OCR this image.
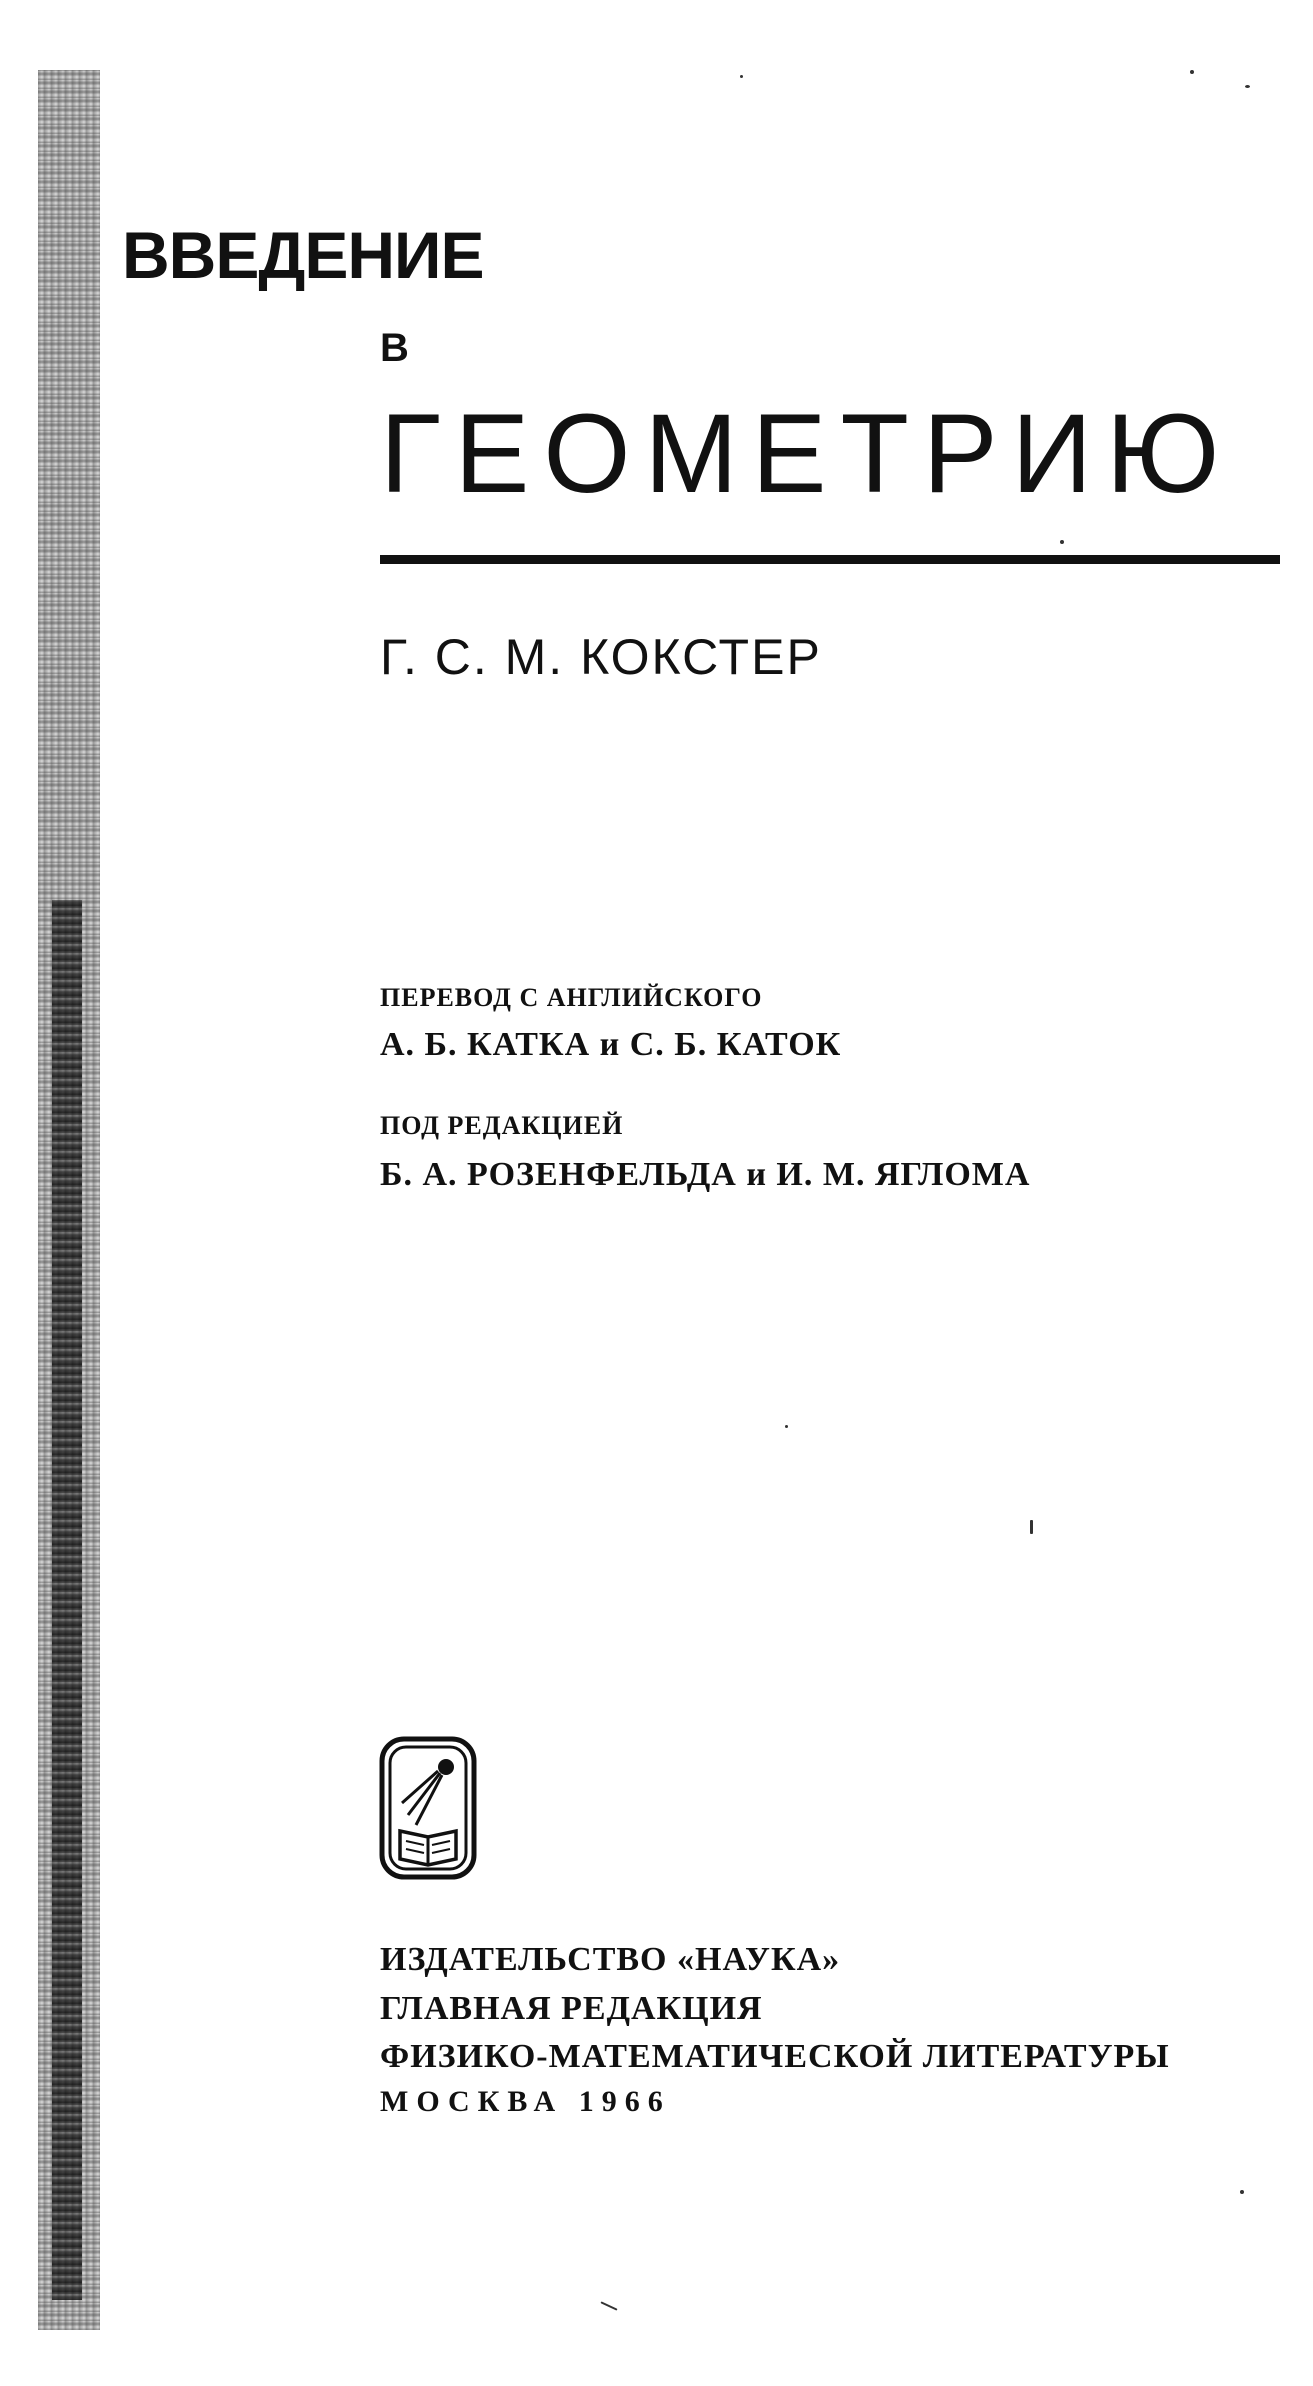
ВВЕДЕНИЕ
В
ГЕОМЕТРИЮ
Г. С. М. КОКСТЕР
ПЕРЕВОД С АНГЛИЙСКОГО
А. Б. КАТКА и С. Б. КАТОК
ПОД РЕДАКЦИЕЙ
Б. А. РОЗЕНФЕЛЬДА и И. М. ЯГЛОМА
ИЗДАТЕЛЬСТВО «НАУКА»
ГЛАВНАЯ РЕДАКЦИЯ
ФИЗИКО-МАТЕМАТИЧЕСКОЙ ЛИТЕРАТУРЫ
МОСКВА 1966
